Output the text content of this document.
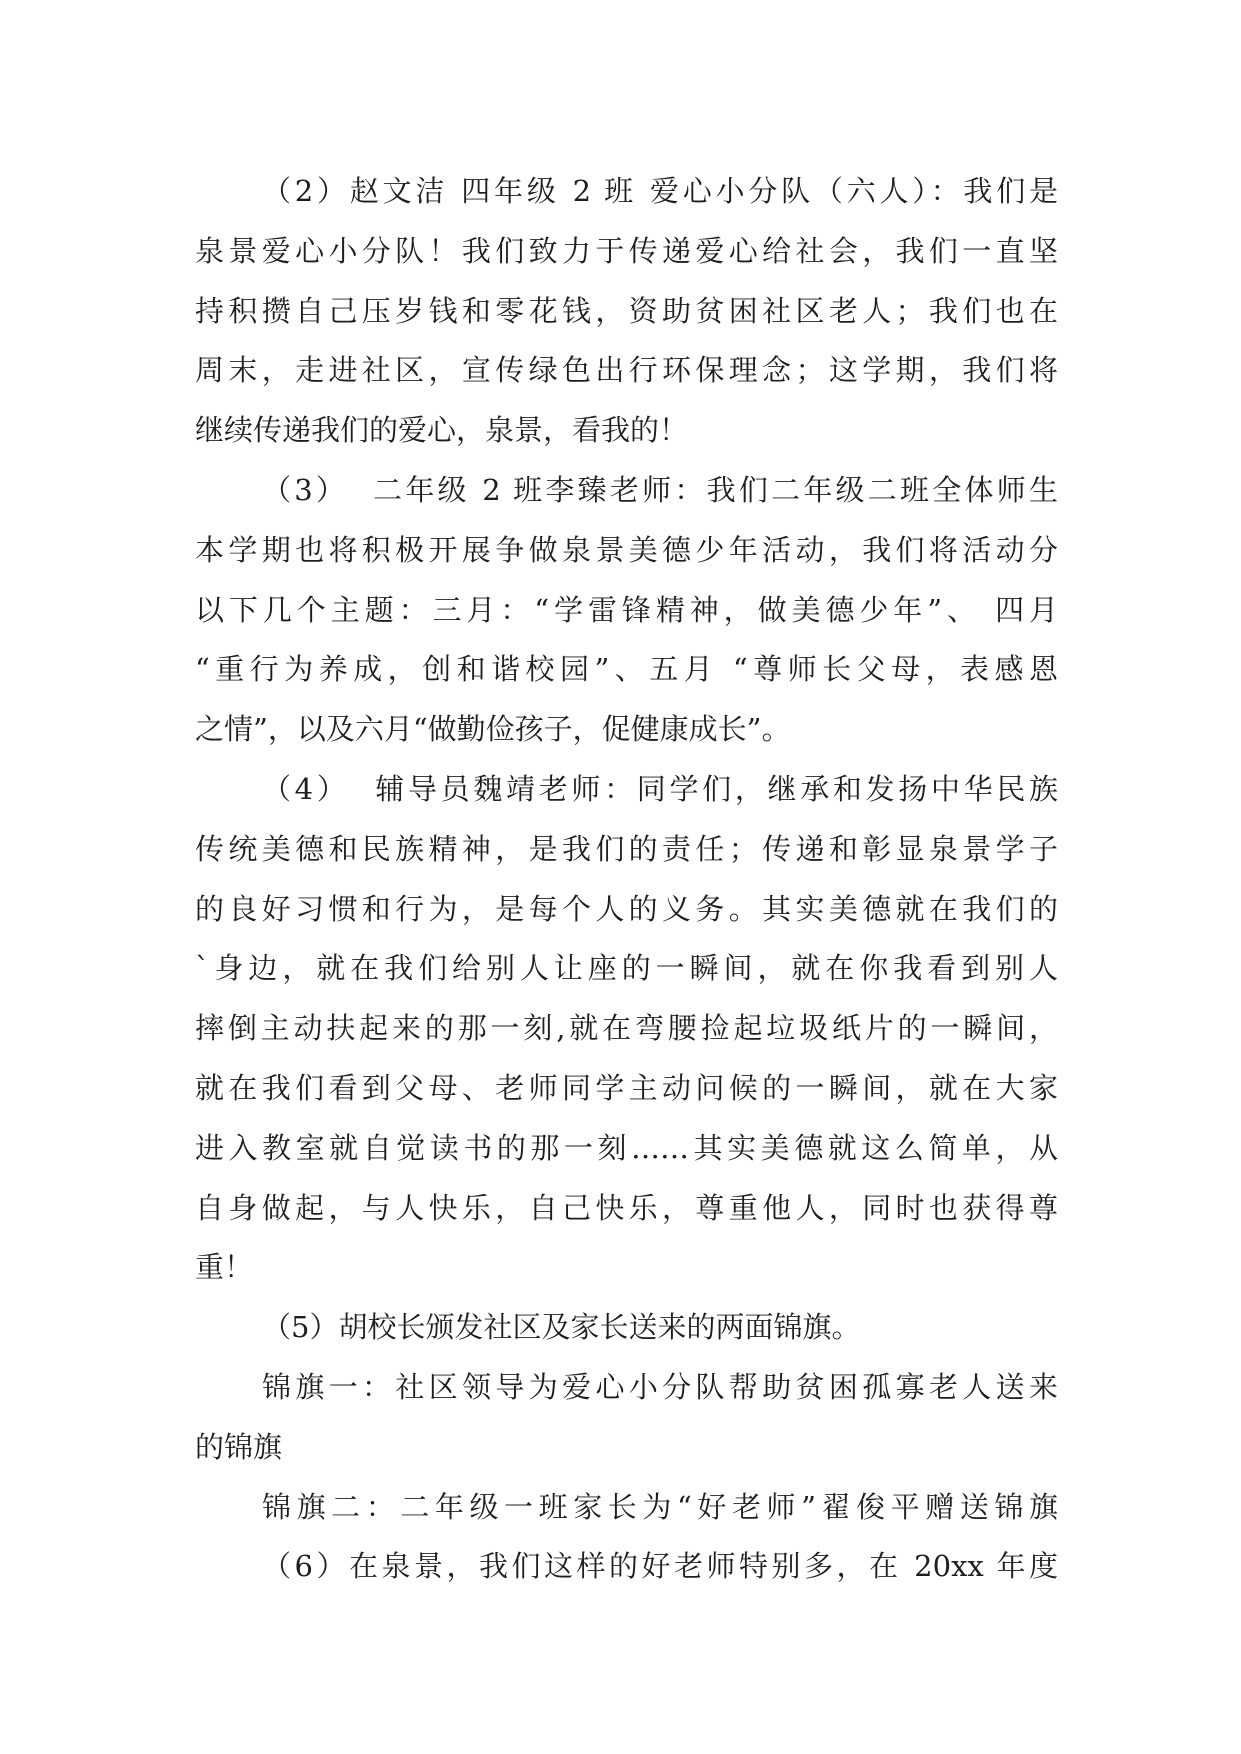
（2）赵文洁 四年级 2 班 爱心小分队（六人）：我们是
泉景爱心小分队！我们致力于传递爱心给社会，我们一直坚
持积攒自己压岁钱和零花钱，资助贫困社区老人；我们也在
周末，走进社区，宣传绿色出行环保理念；这学期，我们将
继续传递我们的爱心，泉景，看我的！
（3）  二年级 2 班李臻老师：我们二年级二班全体师生
本学期也将积极开展争做泉景美德少年活动，我们将活动分
以下几个主题：三月：“学雷锋精神，做美德少年”、 四月
“重行为养成，创和谐校园”、五月 “尊师长父母，表感恩
之情”，以及六月“做勤俭孩子，促健康成长”。
（4）  辅导员魏靖老师：同学们，继承和发扬中华民族
传统美德和民族精神，是我们的责任；传递和彰显泉景学子
的良好习惯和行为，是每个人的义务。其实美德就在我们的
`身边，就在我们给别人让座的一瞬间，就在你我看到别人
摔倒主动扶起来的那一刻,就在弯腰捡起垃圾纸片的一瞬间，
就在我们看到父母、老师同学主动问候的一瞬间，就在大家
进入教室就自觉读书的那一刻……其实美德就这么简单，从
自身做起，与人快乐，自己快乐，尊重他人，同时也获得尊
重！
（5）胡校长颁发社区及家长送来的两面锦旗。
锦旗一：社区领导为爱心小分队帮助贫困孤寡老人送来
的锦旗
锦旗二：二年级一班家长为“好老师”翟俊平赠送锦旗
（6）在泉景，我们这样的好老师特别多，在 20xx 年度
